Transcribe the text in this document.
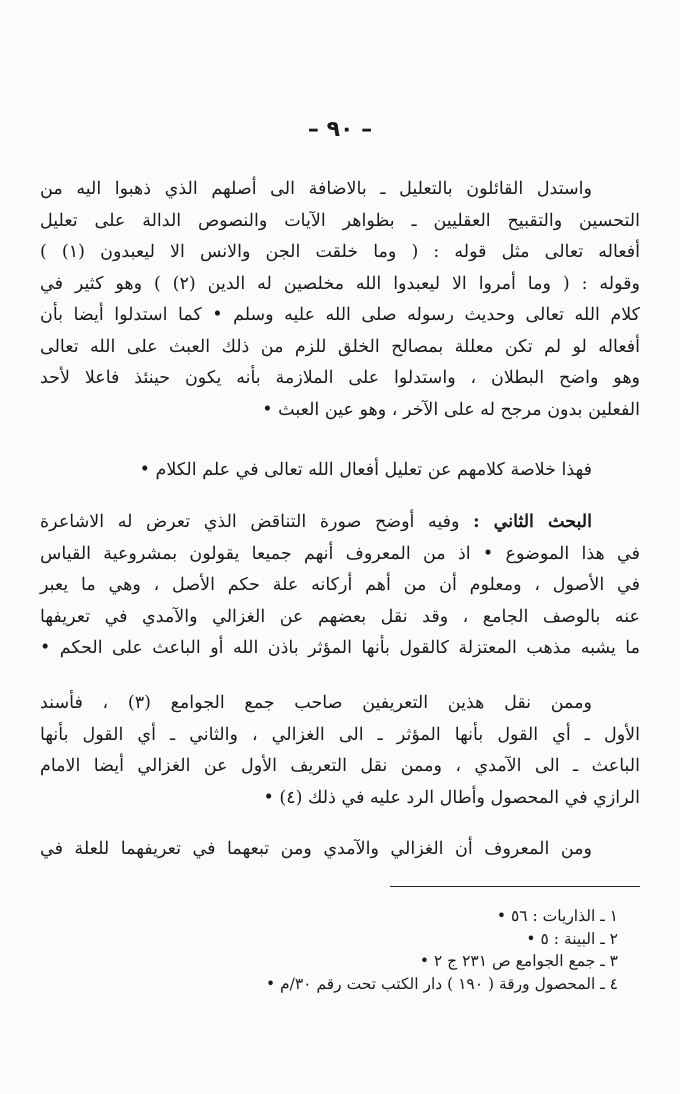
– ٩٠ –
واستدل القائلون بالتعليل ـ بالاضافة الى أصلهم الذي ذهبوا اليه من
التحسين والتقبيح العقليين ـ بظواهر الآيات والنصوص الدالة على تعليل
أفعاله تعالى مثل قوله : ( وما خلقت الجن والانس الا ليعبدون (١) )
وقوله : ( وما أمروا الا ليعبدوا الله مخلصين له الدين (٢) ) وهو كثير في
كلام الله تعالى وحديث رسوله صلى الله عليه وسلم • كما استدلوا أيضا بأن
أفعاله لو لم تكن معللة بمصالح الخلق للزم من ذلك العبث على الله تعالى
وهو واضح البطلان ، واستدلوا على الملازمة بأنه يكون حينئذ فاعلا لأحد
الفعلين بدون مرجح له على الآخر ، وهو عين العبث •
فهذا خلاصة كلامهم عن تعليل أفعال الله تعالى في علم الكلام •
البحث الثاني : وفيه أوضح صورة التناقض الذي تعرض له الاشاعرة
في هذا الموضوع • اذ من المعروف أنهم جميعا يقولون بمشروعية القياس
في الأصول ، ومعلوم أن من أهم أركانه علة حكم الأصل ، وهي ما يعبر
عنه بالوصف الجامع ، وقد نقل بعضهم عن الغزالي والآمدي في تعريفها
ما يشبه مذهب المعتزلة كالقول بأنها المؤثر باذن الله أو الباعث على الحكم •
وممن نقل هذين التعريفين صاحب جمع الجوامع (٣) ، فأسند
الأول ـ أي القول بأنها المؤثر ـ الى الغزالي ، والثاني ـ أي القول بأنها
الباعث ـ الى الآمدي ، وممن نقل التعريف الأول عن الغزالي أيضا الامام
الرازي في المحصول وأطال الرد عليه في ذلك (٤) •
ومن المعروف أن الغزالي والآمدي ومن تبعهما في تعريفهما للعلة في
١ ـ الذاريات : ٥٦ •
٢ ـ البينة : ٥ •
٣ ـ جمع الجوامع ص ٢٣١ ج ٢ •
٤ ـ المحصول ورقة ( ١٩٠ ) دار الكتب تحت رقم ٣٠/م •
